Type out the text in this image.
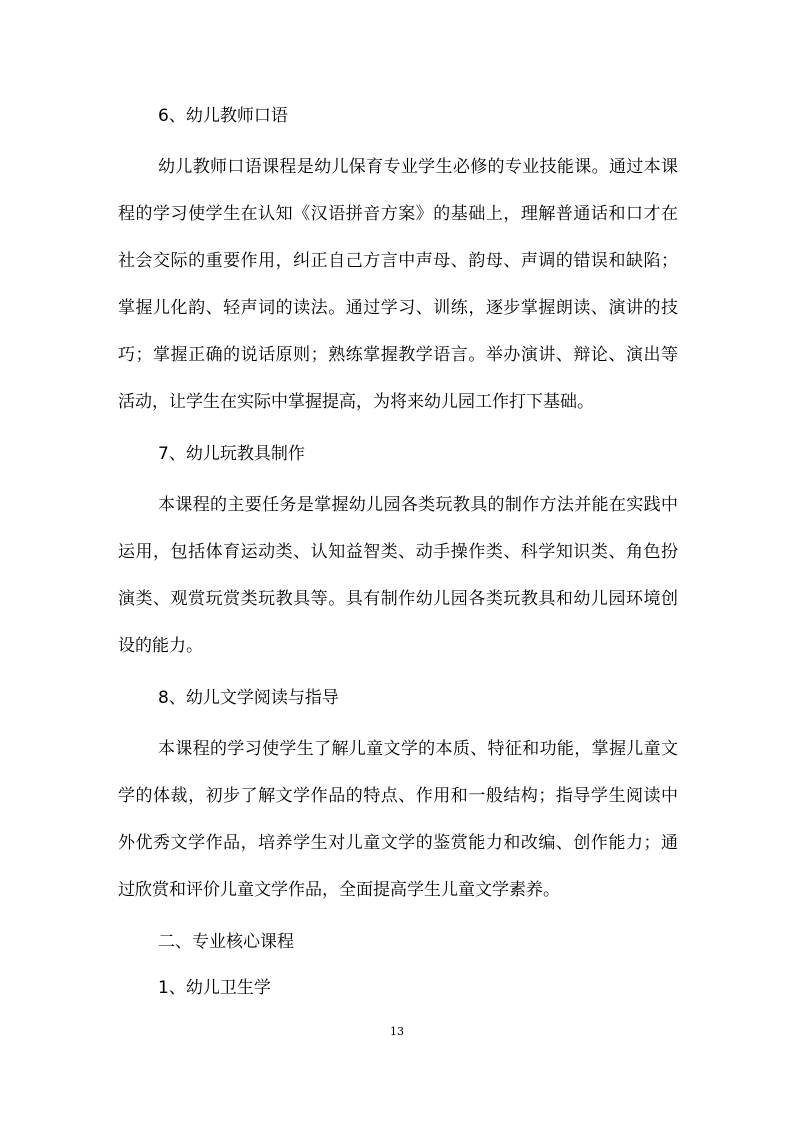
6、幼儿教师口语
幼儿教师口语课程是幼儿保育专业学生必修的专业技能课。通过本课程的学习使学生在认知《汉语拼音方案》的基础上，理解普通话和口才在社会交际的重要作用，纠正自己方言中声母、韵母、声调的错误和缺陷；掌握儿化韵、轻声词的读法。通过学习、训练，逐步掌握朗读、演讲的技巧；掌握正确的说话原则；熟练掌握教学语言。举办演讲、辩论、演出等活动，让学生在实际中掌握提高，为将来幼儿园工作打下基础。
7、幼儿玩教具制作
本课程的主要任务是掌握幼儿园各类玩教具的制作方法并能在实践中运用，包括体育运动类、认知益智类、动手操作类、科学知识类、角色扮演类、观赏玩赏类玩教具等。具有制作幼儿园各类玩教具和幼儿园环境创设的能力。
8、幼儿文学阅读与指导
本课程的学习使学生了解儿童文学的本质、特征和功能，掌握儿童文学的体裁，初步了解文学作品的特点、作用和一般结构；指导学生阅读中外优秀文学作品，培养学生对儿童文学的鉴赏能力和改编、创作能力；通过欣赏和评价儿童文学作品，全面提高学生儿童文学素养。
二、专业核心课程
1、幼儿卫生学
13
